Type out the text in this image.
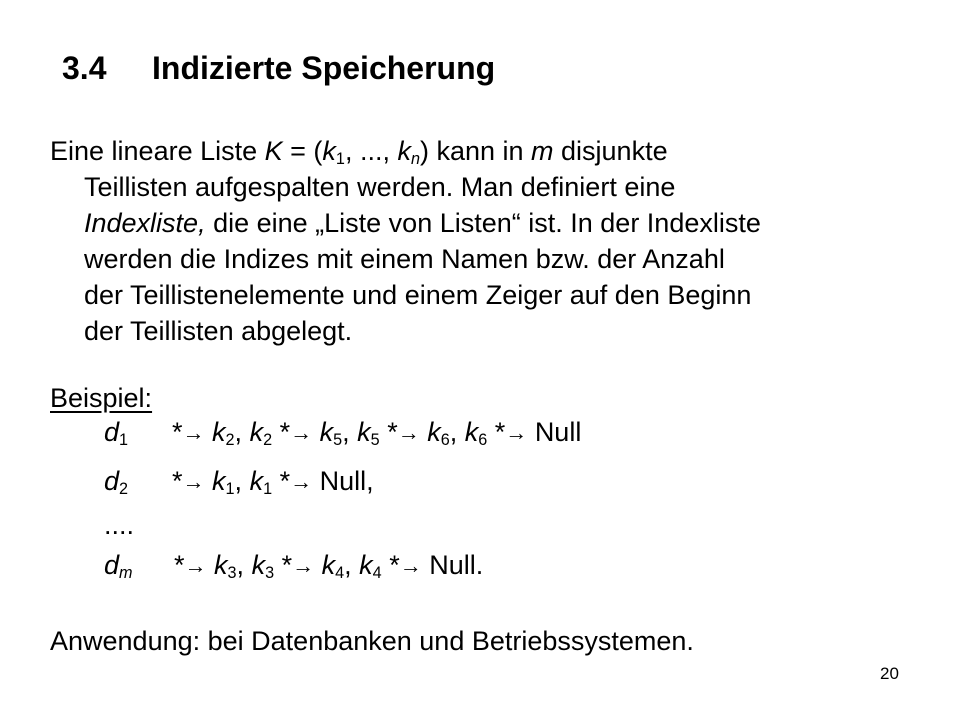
3.4 Indizierte Speicherung
Eine lineare Liste $K = (k_1$, ..., $k_n$) kann in m disjunkte
Teillisten aufgespalten werden. Man definiert eine
Indexliste, die eine „Liste von Listen“ ist. In der Indexliste
werden die Indizes mit einem Namen bzw. der Anzahl
der Teillistenelemente und einem Zeiger auf den Beginn
der Teillisten abgelegt.
Beispiel:
$d_1 *\to k_2$, $k_2 *\to k_5$, $k_5 *\to k_6$, $k_6$ *→ Null
$d_2 *\to k_1$, $k_1$ *→ Null,
....
$d_m *\to k_3$, $k_3 *\to k_4$, $k_4$ *→ Null.
Anwendung: bei Datenbanken und Betriebssystemen.
20
